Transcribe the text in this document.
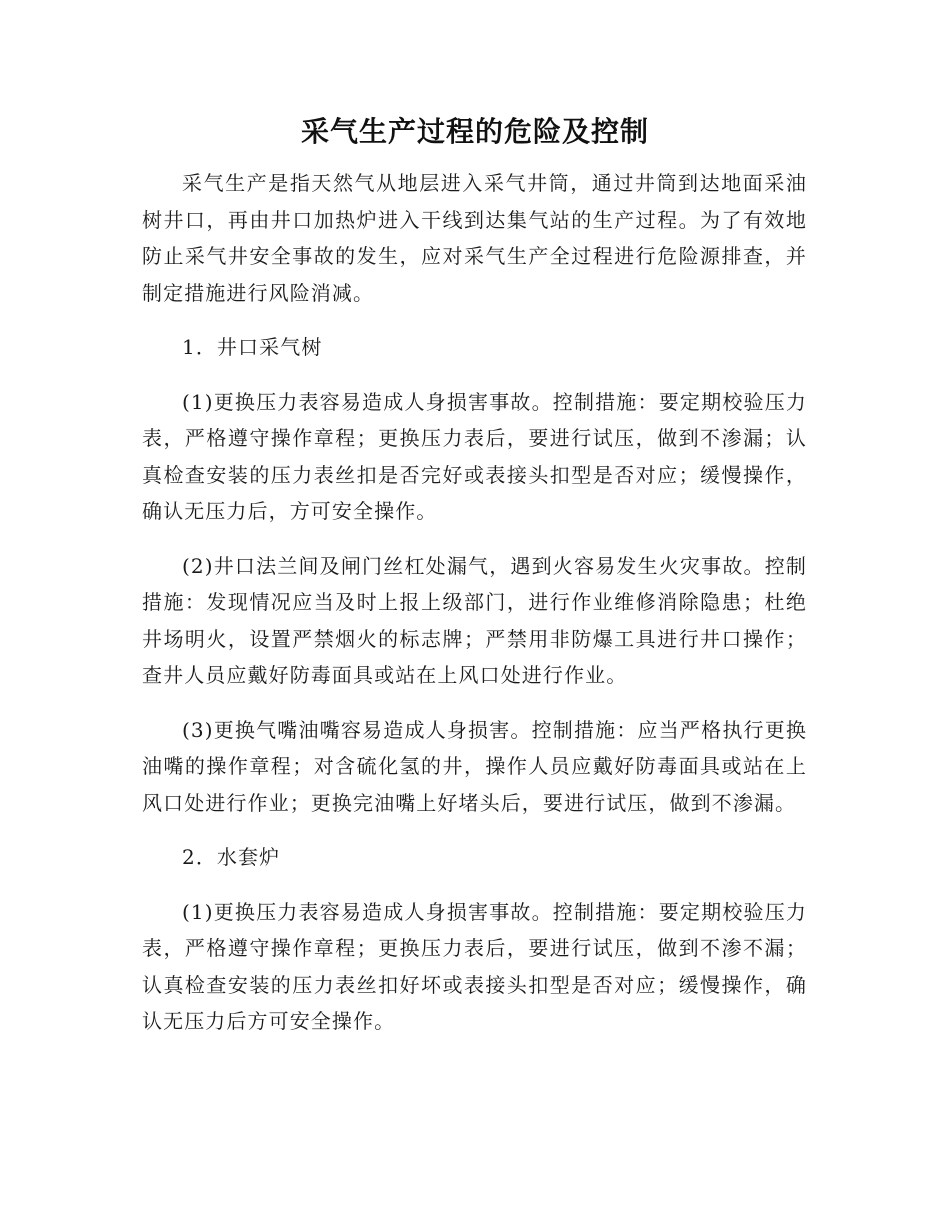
采气生产过程的危险及控制

采气生产是指天然气从地层进入采气井筒，通过井筒到达地面采油树井口，再由井口加热炉进入干线到达集气站的生产过程。为了有效地防止采气井安全事故的发生，应对采气生产全过程进行危险源排查，并制定措施进行风险消减。

1．井口采气树

(1)更换压力表容易造成人身损害事故。控制措施：要定期校验压力表，严格遵守操作章程；更换压力表后，要进行试压，做到不渗漏；认真检查安装的压力表丝扣是否完好或表接头扣型是否对应；缓慢操作，确认无压力后，方可安全操作。

(2)井口法兰间及闸门丝杠处漏气，遇到火容易发生火灾事故。控制措施：发现情况应当及时上报上级部门，进行作业维修消除隐患；杜绝井场明火，设置严禁烟火的标志牌；严禁用非防爆工具进行井口操作；查井人员应戴好防毒面具或站在上风口处进行作业。

(3)更换气嘴油嘴容易造成人身损害。控制措施：应当严格执行更换油嘴的操作章程；对含硫化氢的井，操作人员应戴好防毒面具或站在上风口处进行作业；更换完油嘴上好堵头后，要进行试压，做到不渗漏。

2．水套炉

(1)更换压力表容易造成人身损害事故。控制措施：要定期校验压力表，严格遵守操作章程；更换压力表后，要进行试压，做到不渗不漏；认真检查安装的压力表丝扣好坏或表接头扣型是否对应；缓慢操作，确认无压力后方可安全操作。
